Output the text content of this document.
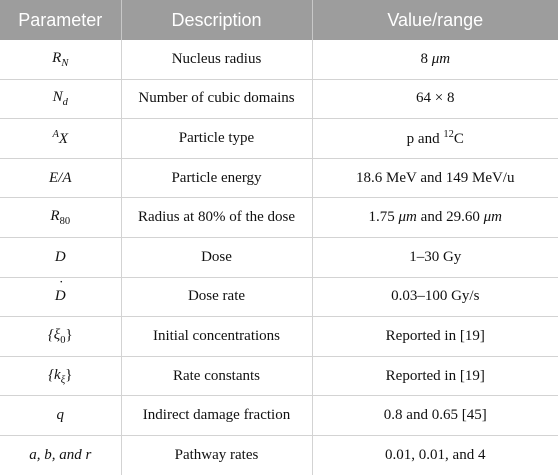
Parameter	Description	Value/range
$R_N$	Nucleus radius	8 μm
$N_d$	Number of cubic domains	64 × 8
$^A$X	Particle type	p and $^{12}$C
E/A	Particle energy	18.6 MeV and 149 MeV/u
$R_{80}$	Radius at 80% of the dose	1.75 μm and 29.60 μm
D	Dose	1–30 Gy
˙ D	Dose rate	0.03–100 Gy/s
$\{\xi_0\}$	Initial concentrations	Reported in [19]
$\{k_\xi\}$	Rate constants	Reported in [19]
q	Indirect damage fraction	0.8 and 0.65 [45]
a, b, and r	Pathway rates	0.01, 0.01, and 4
